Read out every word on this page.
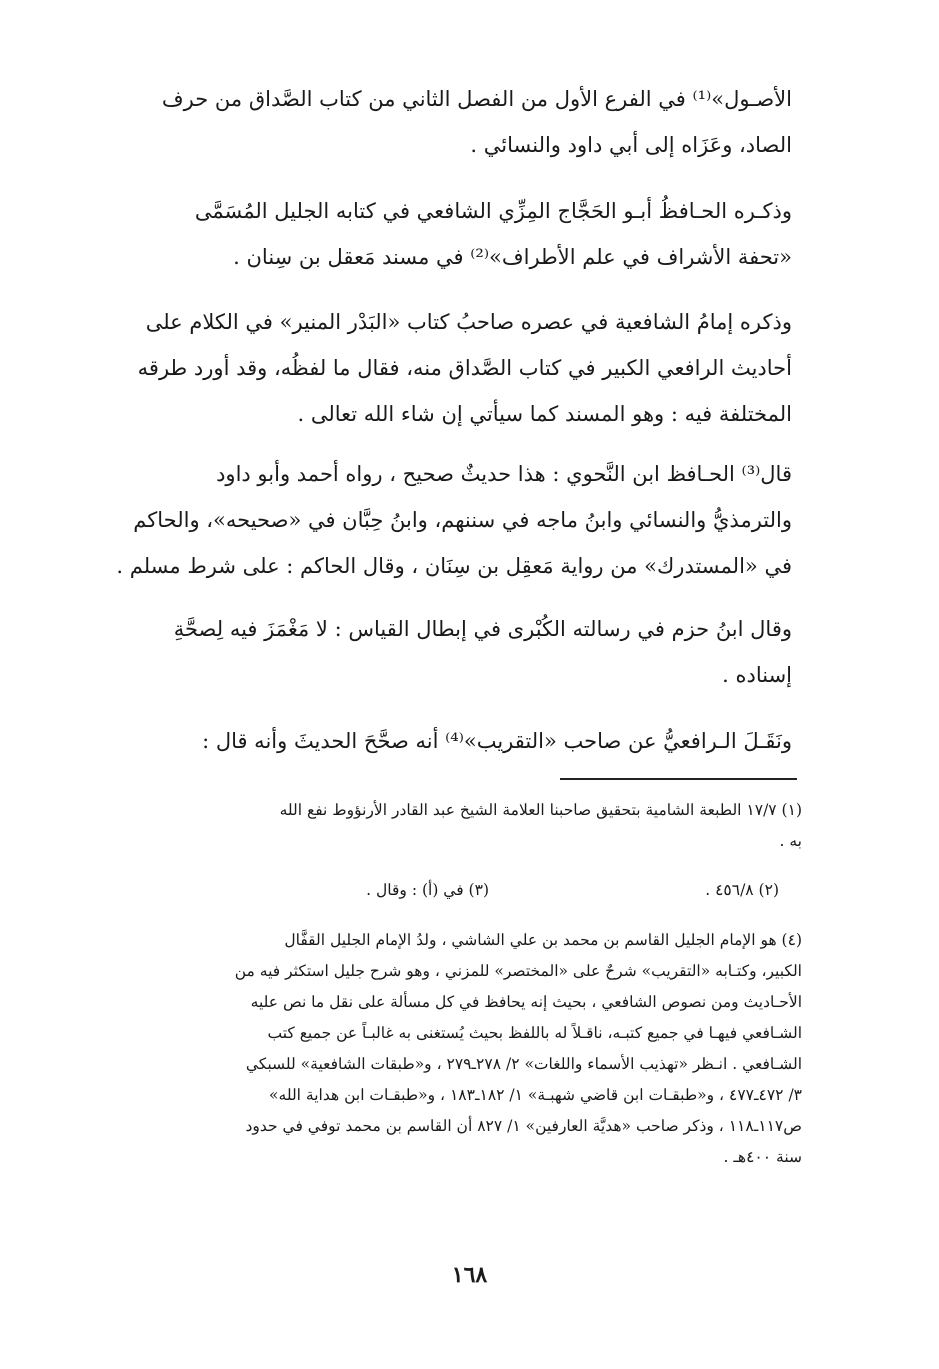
الأصـول»⁽¹⁾ في الفرع الأول من الفصل الثاني من كتاب الصَّداق من حرف
الصاد، وعَزَاه إلى أبي داود والنسائي .
وذكـره الحـافظُ أبـو الحَجَّاج المِزِّي الشافعي في كتابه الجليل المُسَمَّى
«تحفة الأشراف في علم الأطراف»⁽²⁾ في مسند مَعقل بن سِنان .
وذكره إمامُ الشافعية في عصره صاحبُ كتاب «البَدْر المنير» في الكلام على
أحاديث الرافعي الكبير في كتاب الصَّداق منه، فقال ما لفظُه، وقد أورد طرقه
المختلفة فيه : وهو المسند كما سيأتي إن شاء الله تعالى .
قال⁽³⁾ الحـافظ ابن النَّحوي : هذا حديثٌ صحيح ، رواه أحمد وأبو داود
والترمذيُّ والنسائي وابنُ ماجه في سننهم، وابنُ حِبَّان في «صحيحه»، والحاكم
في «المستدرك» من رواية مَعقِل بن سِنَان ، وقال الحاكم : على شرط مسلم .
وقال ابنُ حزم في رسالته الكُبْرى في إبطال القياس : لا مَغْمَزَ فيه لِصحَّةِ
إسناده .
ونَقَـلَ الـرافعيُّ عن صاحب «التقريب»⁽⁴⁾ أنه صحَّحَ الحديثَ وأنه قال :
(١) ١٧/٧ الطبعة الشامية بتحقيق صاحبنا العلامة الشيخ عبد القادر الأرنؤوط نفع الله
به .
(٢) ٤٥٦/٨ .
(٣) في (أ) : وقال .
(٤) هو الإمام الجليل القاسم بن محمد بن علي الشاشي ، ولدُ الإمام الجليل القفَّال
الكبير، وكتـابه «التقريب» شرحٌ على «المختصر» للمزني ، وهو شرح جليل استكثر فيه من
الأحـاديث ومن نصوص الشافعي ، بحيث إنه يحافظ في كل مسألة على نقل ما نص عليه
الشـافعي فيهـا في جميع كتبـه، ناقـلاً له باللفظ بحيث يُستغنى به غالبـاً عن جميع كتب
الشـافعي . انـظر «تهذيب الأسماء واللغات» ٢/ ٢٧٨ـ٢٧٩ ، و«طبقات الشافعية» للسبكي
٣/ ٤٧٢ـ٤٧٧ ، و«طبقـات ابن قاضي شهبـة» ١/ ١٨٢ـ١٨٣ ، و«طبقـات ابن هداية الله»
ص١١٧ـ١١٨ ، وذكر صاحب «هديَّة العارفين» ١/ ٨٢٧ أن القاسم بن محمد توفي في حدود
سنة ٤٠٠هـ .
١٦٨
